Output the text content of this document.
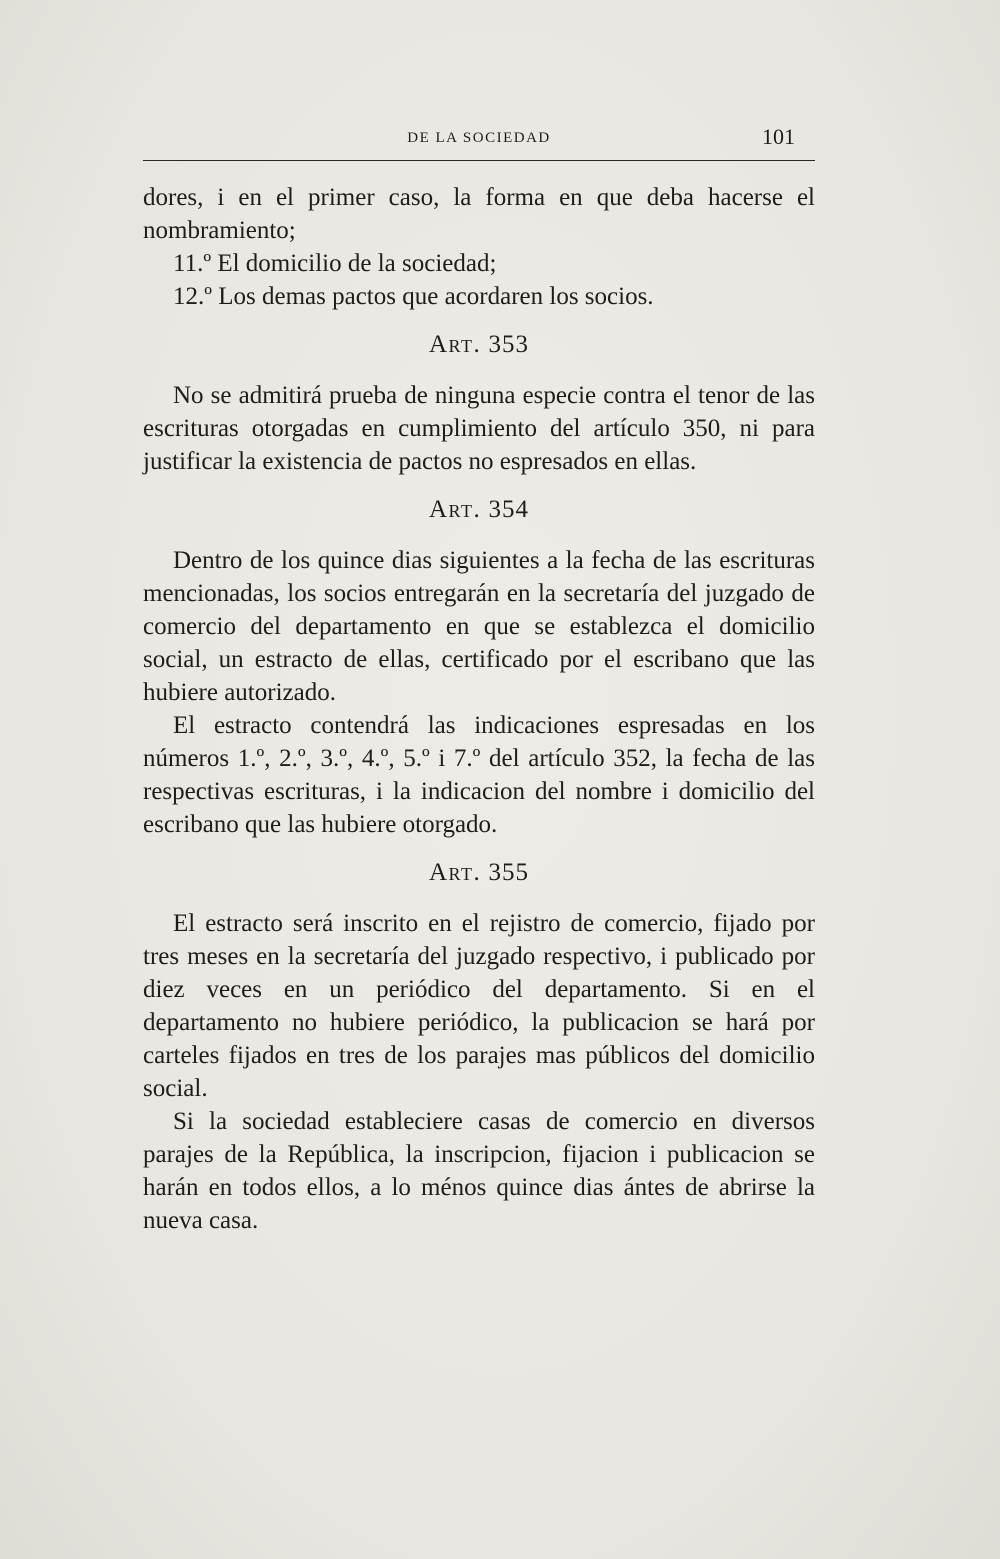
DE LA SOCIEDAD	101

dores, i en el primer caso, la forma en que deba hacerse el nombramiento;

11.º El domicilio de la sociedad;

12.º Los demas pactos que acordaren los socios.

Art. 353

No se admitirá prueba de ninguna especie contra el tenor de las escrituras otorgadas en cumplimiento del artículo 350, ni para justificar la existencia de pactos no espresados en ellas.

Art. 354

Dentro de los quince dias siguientes a la fecha de las escrituras mencionadas, los socios entregarán en la secretaría del juzgado de comercio del departamento en que se establezca el domicilio social, un estracto de ellas, certificado por el escribano que las hubiere autorizado.

El estracto contendrá las indicaciones espresadas en los números 1.º, 2.º, 3.º, 4.º, 5.º i 7.º del artículo 352, la fecha de las respectivas escrituras, i la indicacion del nombre i domicilio del escribano que las hubiere otorgado.

Art. 355

El estracto será inscrito en el rejistro de comercio, fijado por tres meses en la secretaría del juzgado respectivo, i publicado por diez veces en un periódico del departamento. Si en el departamento no hubiere periódico, la publicacion se hará por carteles fijados en tres de los parajes mas públicos del domicilio social.

Si la sociedad estableciere casas de comercio en diversos parajes de la República, la inscripcion, fijacion i publicacion se harán en todos ellos, a lo ménos quince dias ántes de abrirse la nueva casa.
